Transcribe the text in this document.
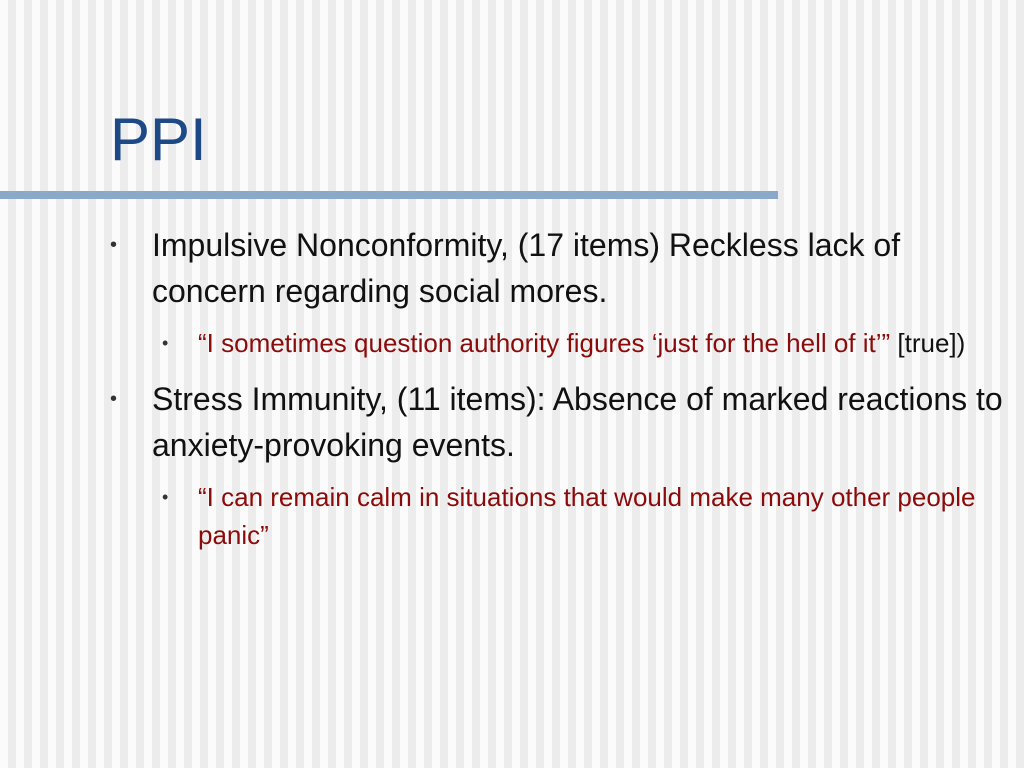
PPI
•	Impulsive Nonconformity, (17 items) Reckless lack of concern regarding social mores.
•	“I sometimes question authority figures ‘just for the hell of it’” [true])
•	Stress Immunity, (11 items): Absence of marked reactions to anxiety-provoking events.
•	“I can remain calm in situations that would make many other people panic”
